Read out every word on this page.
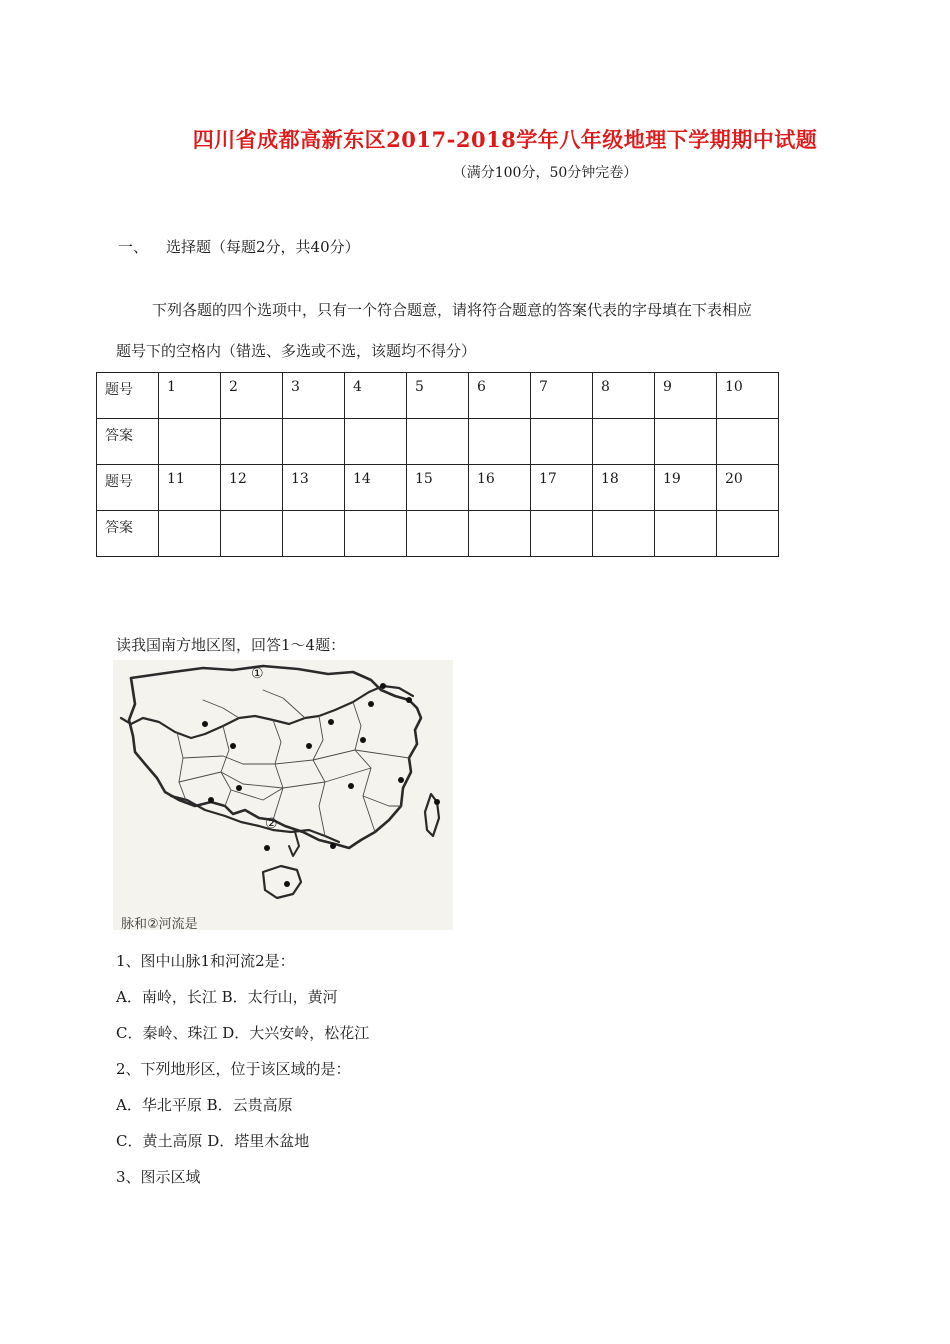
四川省成都高新东区2017-2018学年八年级地理下学期期中试题
（满分100分，50分钟完卷）
一、 选择题（每题2分，共40分）
下列各题的四个选项中，只有一个符合题意，请将符合题意的答案代表的字母填在下表相应
题号下的空格内（错选、多选或不选，该题均不得分）
题号	1	2	3	4	5	6	7	8	9	10
答案										
题号	11	12	13	14	15	16	17	18	19	20
答案										
读我国南方地区图，回答1～4题：
①
②
脉和②河流是
1、图中山脉1和河流2是：
A．南岭，长江 B．太行山，黄河
C．秦岭、珠江 D．大兴安岭，松花江
2、下列地形区，位于该区域的是：
A．华北平原 B．云贵高原
C．黄土高原 D．塔里木盆地
3、图示区域
